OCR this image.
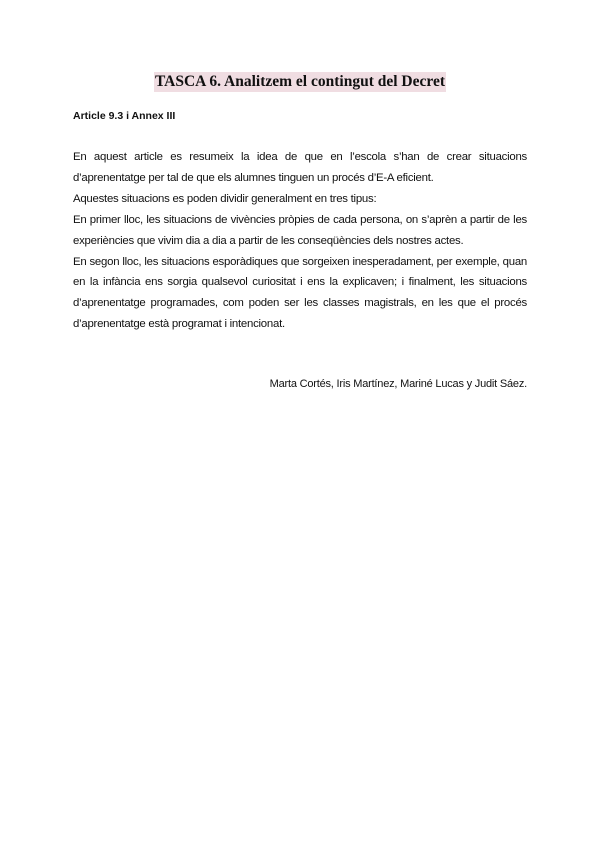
TASCA 6. Analitzem el contingut del Decret

Article 9.3 i Annex III

En aquest article es resumeix la idea de que en l’escola s’han de crear situacions d’aprenentatge per tal de que els alumnes tinguen un procés d’E-A eficient.

Aquestes situacions es poden dividir generalment en tres tipus:

En primer lloc, les situacions de vivències pròpies de cada persona, on s’aprèn a partir de les experiències que vivim dia a dia a partir de les conseqüències dels nostres actes.

En segon lloc, les situacions esporàdiques que sorgeixen inesperadament, per exemple, quan en la infància ens sorgia qualsevol curiositat i ens la explicaven; i finalment, les situacions d’aprenentatge programades, com poden ser les classes magistrals, en les que el procés d’aprenentatge està programat i intencionat.

Marta Cortés, Iris Martínez, Mariné Lucas y Judit Sáez.
